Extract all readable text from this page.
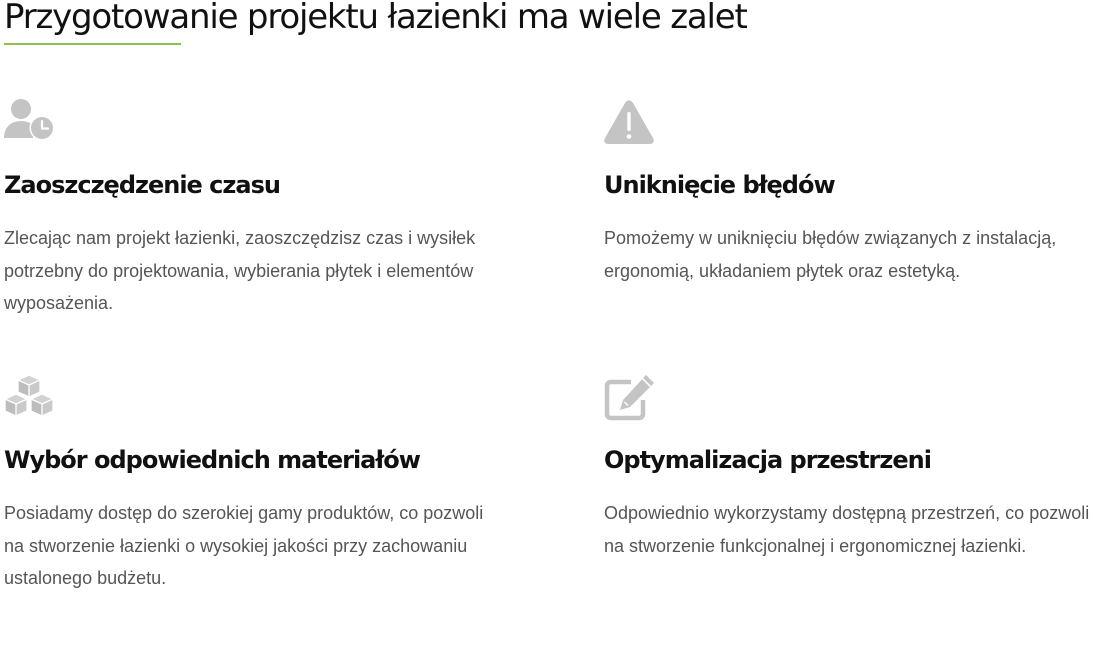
Przygotowanie projektu łazienki ma wiele zalet
Zaoszczędzenie czasu

Zlecając nam projekt łazienki, zaoszczędzisz czas i wysiłek potrzebny do projektowania, wybierania płytek i elementów wyposażenia.

Uniknięcie błędów

Pomożemy w uniknięciu błędów związanych z instalacją, ergonomią, układaniem płytek oraz estetyką.

Wybór odpowiednich materiałów

Posiadamy dostęp do szerokiej gamy produktów, co pozwoli na stworzenie łazienki o wysokiej jakości przy zachowaniu ustalonego budżetu.

Optymalizacja przestrzeni

Odpowiednio wykorzystamy dostępną przestrzeń, co pozwoli na stworzenie funkcjonalnej i ergonomicznej łazienki.
